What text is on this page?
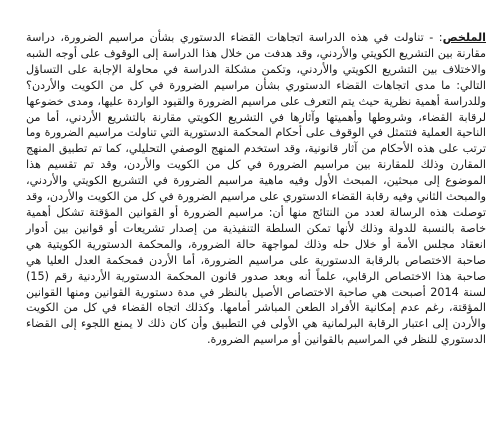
الملخص: - تناولت في هذه الدراسة اتجاهات القضاء الدستوري بشأن مراسيم الضرورة، دراسة مقارنة بين التشريع الكويتي والأردني، وقد هدفت من خلال هذا الدراسة إلى الوقوف على أوجه الشبه والاختلاف بين التشريع الكويتي والأردني، وتكمن مشكلة الدراسة في محاولة الإجابة على التساؤل التالي: ما مدى اتجاهات القضاء الدستوري بشأن مراسيم الضرورة في كل من الكويت والأردن؟ وللدراسة أهمية نظرية حيث يتم التعرف على مراسيم الضرورة والقيود الواردة عليها، ومدى خضوعها لرقابة القضاء، وشروطها وأهميتها وآثارها في التشريع الكويتي مقارنة بالتشريع الأردني، أما من الناحية العملية فتتمثل في الوقوف على أحكام المحكمة الدستورية التي تناولت مراسيم الضرورة وما ترتب على هذه الأحكام من آثار قانونية، وقد استخدم المنهج الوصفي التحليلي، كما تم تطبيق المنهج المقارن وذلك للمقارنة بين مراسيم الضرورة في كل من الكويت والأردن، وقد تم تقسيم هذا الموضوع إلى مبحثين، المبحث الأول وفيه ماهية مراسيم الضرورة في التشريع الكويتي والأردني، والمبحث الثاني وفيه رقابة القضاء الدستوري على مراسيم الضرورة في كل من الكويت والأردن، وقد توصلت هذه الرسالة لعدد من النتائج منها أن: مراسيم الضرورة أو القوانين المؤقتة تشكل أهمية خاصة بالنسبة للدولة وذلك لأنها تمكن السلطة التنفيذية من إصدار تشريعات أو قوانين بين أدوار انعقاد مجلس الأمة أو خلال حله وذلك لمواجهة حالة الضرورة، والمحكمة الدستورية الكويتية هي صاحبة الاختصاص بالرقابة الدستورية على مراسيم الضرورة، أما الأردن فمحكمة العدل العليا هي صاحبة هذا الاختصاص الرقابي، علماً أنه وبعد صدور قانون المحكمة الدستورية الأردنية رقم (15) لسنة 2014 أصبحت هي صاحبة الاختصاص الأصيل بالنظر في مدة دستورية القوانين ومنها القوانين المؤقتة، رغم عدم إمكانية الأفراد الطعن المباشر أمامها. وكذلك اتجاه القضاء في كل من الكويت والأردن إلى اعتبار الرقابة البرلمانية هي الأولى في التطبيق وأن كان ذلك لا يمنع اللجوء إلى القضاء الدستوري للنظر في المراسيم بالقوانين أو مراسيم الضرورة.
